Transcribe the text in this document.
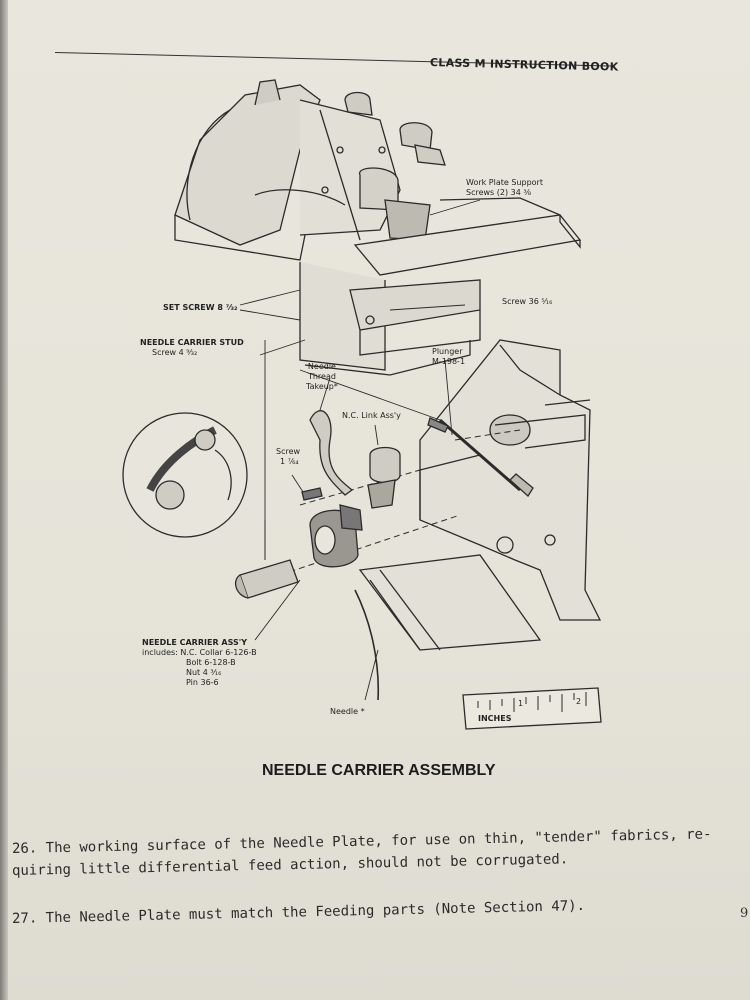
CLASS M INSTRUCTION BOOK
Work Plate Support
Screws (2) 34 ³⁄₈
Screw 36 ⁵⁄₁₆
SET SCREW 8 ⁷⁄₃₂
NEEDLE CARRIER STUD
Screw 4 ⁹⁄₃₂	Plunger
M-198-1
Needle
Thread
Takeup*
N.C. Link Ass'y
Screw
1 ⁷⁄₆₄
NEEDLE CARRIER ASS'Y
includes: N.C. Collar 6-126-B
Bolt 6-128-B
Nut 4 ³⁄₁₆
Pin 36-6
Needle *
1	2
INCHES
NEEDLE CARRIER ASSEMBLY
26. The working surface of the Needle Plate, for use on thin, "tender" fabrics, re-
quiring little differential feed action, should not be corrugated.
27. The Needle Plate must match the Feeding parts (Note Section 47).	9
